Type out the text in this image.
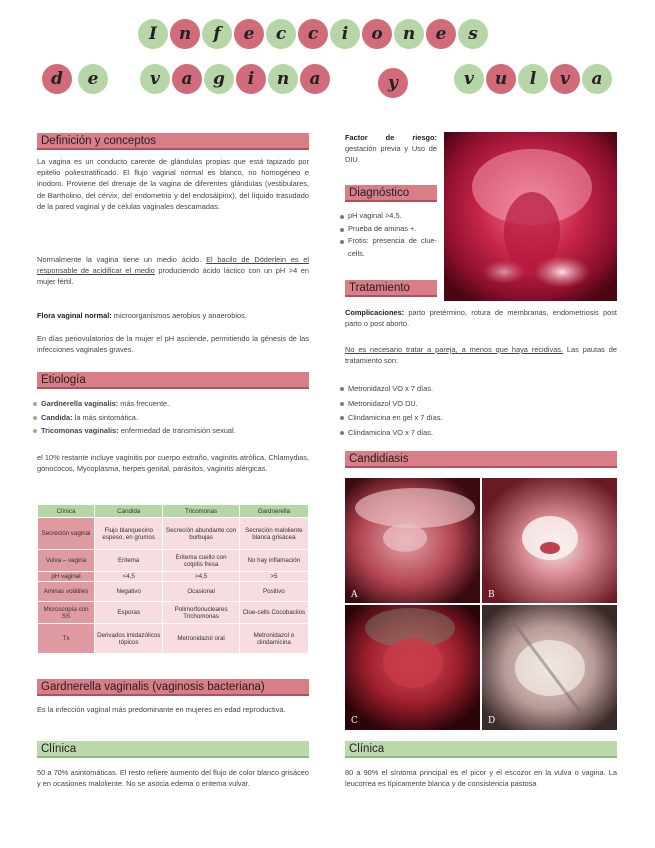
Definición y conceptos
La vagina es un conducto carente de glándulas propias que está tapizado por epitelio poliestratificado. El flujo vaginal normal es blanco, no homogéneo e inodoro. Proviene del drenaje de la vagina de diferentes glándulas (vestibulares, de Bartholino, del cérvix, del endometrio y del endosálpinx), del líquido trasudado de la pared vaginal y de células vaginales descamadas.
Normalmente la vagina tiene un medio ácido. El bacilo de Döderlein es el responsable de acidificar el medio produciendo ácido láctico con un pH >4 en mujer fértil.
Flora vaginal normal: microorganismos aerobios y anaerobios.
En días periovulatorios de la mujer el pH asciende, permitiendo la génesis de las infecciones vaginales graves.
Etiología
Gardnerella vaginalis: más frecuente.
Candida: la más sintomática.
Tricomonas vaginalis: enfermedad de transmisión sexual.
el 10% restante incluye vaginitis por cuerpo extraño, vaginitis atrófica, Chlamydias, gonococos, Mycoplasma, herpes genital, parásitos, vaginitis alérgicas.
Clínica	Cándida	Tricomonas	Gardnerella
Secreción vaginal	Flujo blanquecino espeso, en grumos	Secreción abundante con burbujas	Secreción maloliente blanca grisácea
Vulva – vagina	Eritema	Eritema cuello con colpitis fresa	No hay inflamación
pH vaginal	<4,5	>4,5	>5
Aminas volátiles	Negativo	Ocasional	Positivo
Microscopía con SS	Esporas	Polimorfonucleares Trichomonas	Clue-cells Cocobacilos
Tx	Derivados imidazólicos tópicos	Metronidazol oral	Metronidazol o clindamicina
Gardnerella vaginalis (vaginosis bacteriana)
Es la infección vaginal más predominante en mujeres en edad reproductiva.
Clínica
50 a 70% asintomáticas. El resto refiere aumento del flujo de color blanco grisáceo y en ocasiones maloliente. No se asocia edema o eritema vulvar.
Factor de riesgo: gestación previa y Uso de DIU.
Diagnóstico
pH vaginal >4,5.
Prueba de aminas +.
Frotis: presencia de clue-cells.
Tratamiento
Complicaciones: parto pretérmino, rotura de membranas, endometriosis post parto o post aborto.
No es necesario tratar a pareja, a menos que haya recidivas. Las pautas de tratamiento son:
Metronidazol VO x 7 días.
Metronidazol VO DU.
Clindamicina en gel x 7 días.
Clindamicina VO x 7 días.
Candidiasis
A	B
C	D
Clínica
80 a 90% el síntoma principal es el picor y el escozor en la vulva o vagina. La leucorrea es típicamente blanca y de consistencia pastosa
I	n	f	e	c	c	i	o	n	e	s
d	e	v	a	g	i	n	a	y	v	u	l	v	a
